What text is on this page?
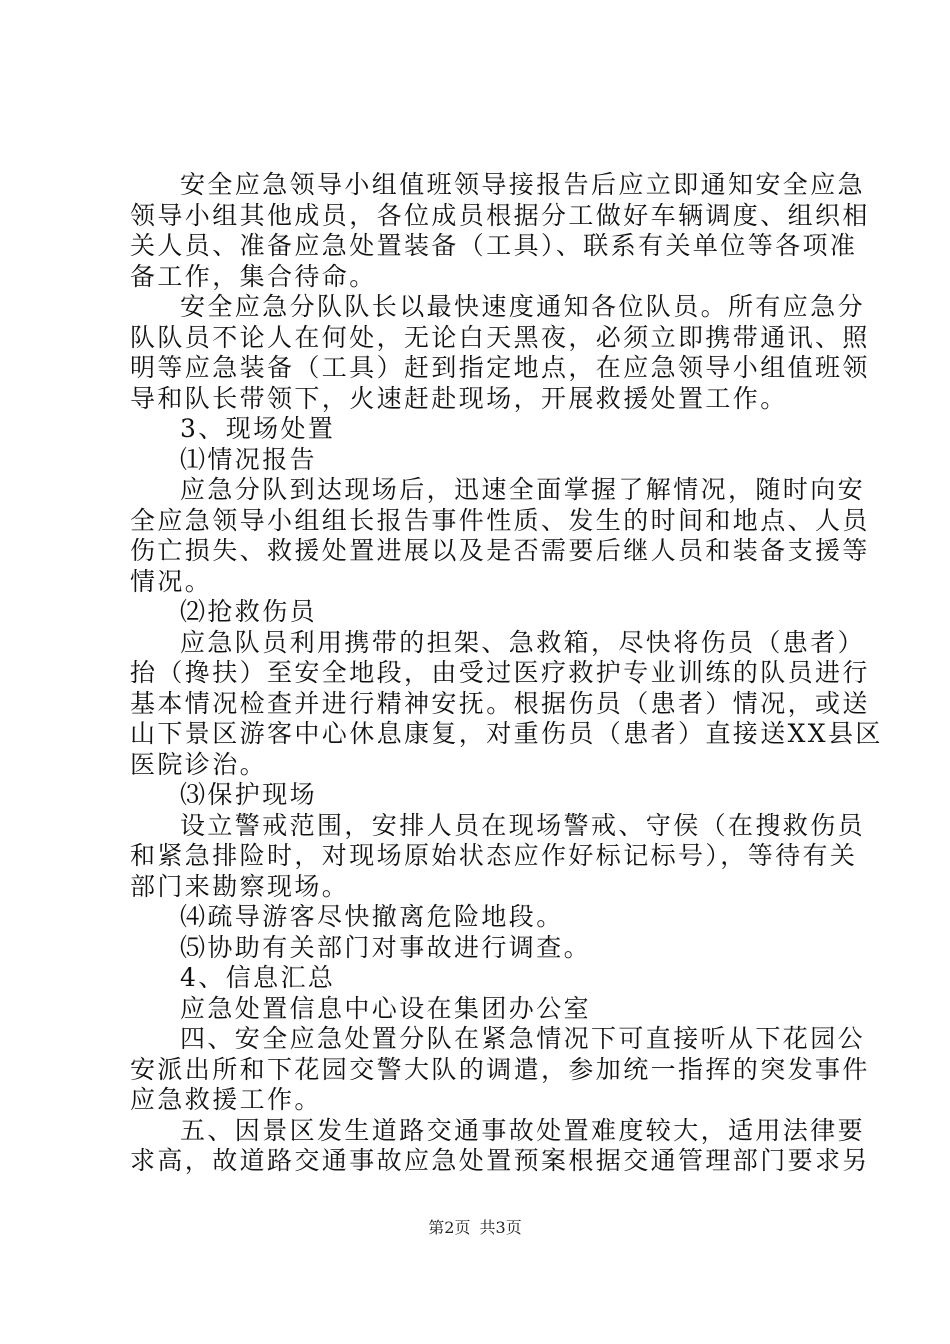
安全应急领导小组值班领导接报告后应立即通知安全应急
领导小组其他成员，各位成员根据分工做好车辆调度、组织相
关人员、准备应急处置装备（工具）、联系有关单位等各项准
备工作，集合待命。
安全应急分队队长以最快速度通知各位队员。所有应急分
队队员不论人在何处，无论白天黑夜，必须立即携带通讯、照
明等应急装备（工具）赶到指定地点，在应急领导小组值班领
导和队长带领下，火速赶赴现场，开展救援处置工作。
3、现场处置
⑴情况报告
应急分队到达现场后，迅速全面掌握了解情况，随时向安
全应急领导小组组长报告事件性质、发生的时间和地点、人员
伤亡损失、救援处置进展以及是否需要后继人员和装备支援等
情况。
⑵抢救伤员
应急队员利用携带的担架、急救箱，尽快将伤员（患者）
抬（搀扶）至安全地段，由受过医疗救护专业训练的队员进行
基本情况检查并进行精神安抚。根据伤员（患者）情况，或送
山下景区游客中心休息康复，对重伤员（患者）直接送XX县区
医院诊治。
⑶保护现场
设立警戒范围，安排人员在现场警戒、守侯（在搜救伤员
和紧急排险时，对现场原始状态应作好标记标号），等待有关
部门来勘察现场。
⑷疏导游客尽快撤离危险地段。
⑸协助有关部门对事故进行调查。
4、信息汇总
应急处置信息中心设在集团办公室
四、安全应急处置分队在紧急情况下可直接听从下花园公
安派出所和下花园交警大队的调遣，参加统一指挥的突发事件
应急救援工作。
五、因景区发生道路交通事故处置难度较大，适用法律要
求高，故道路交通事故应急处置预案根据交通管理部门要求另
第2页 共3页
